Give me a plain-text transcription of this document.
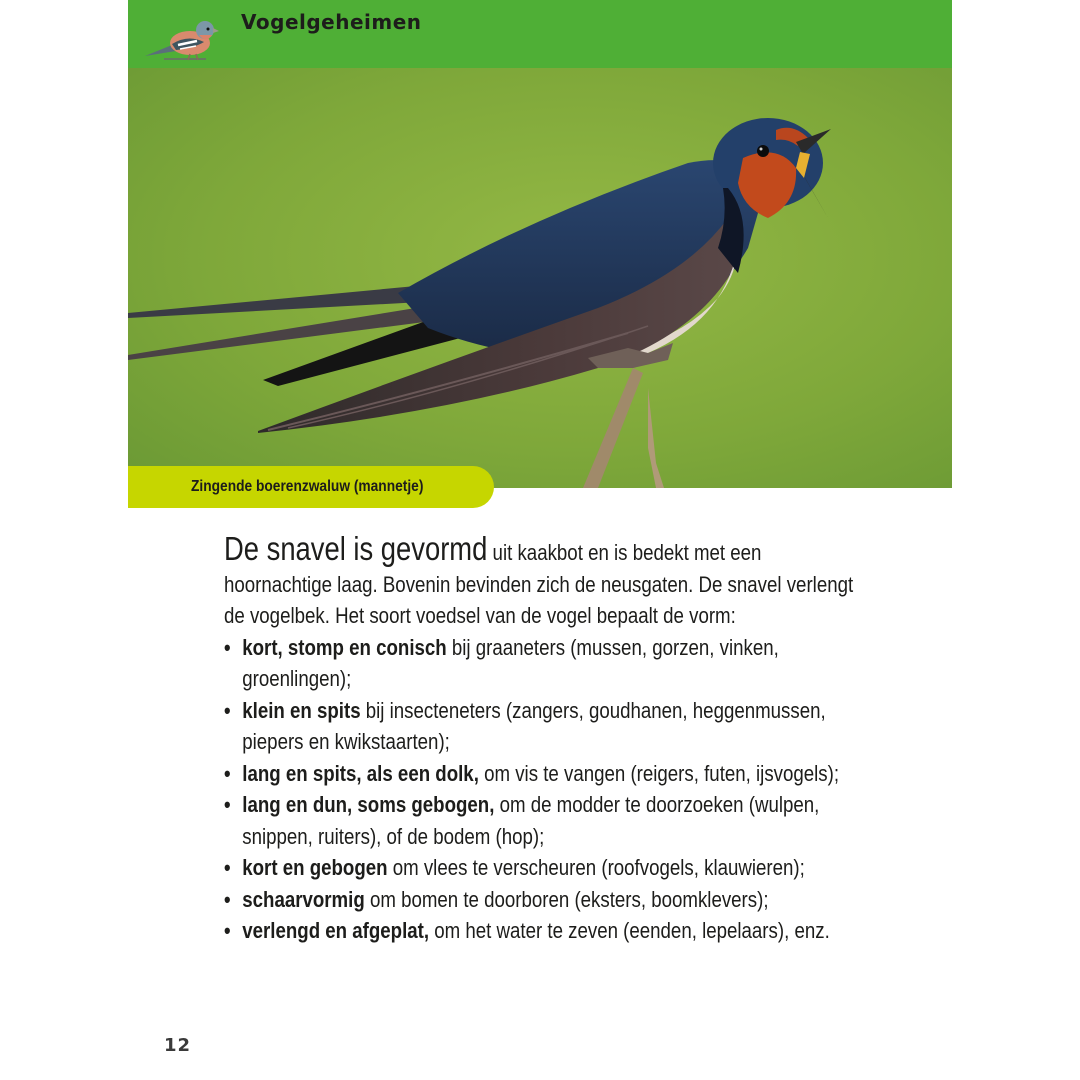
Vogelgeheimen
Zingende boerenzwaluw (mannetje)
De snavel is gevormd uit kaakbot en is bedekt met een hoornachtige laag. Bovenin bevinden zich de neusgaten. De snavel verlengt de vogelbek. Het soort voedsel van de vogel bepaalt de vorm:
• kort, stomp en conisch bij graaneters (mussen, gorzen, vinken, groenlingen);
• klein en spits bij insecteneters (zangers, goudhanen, heggenmussen, piepers en kwikstaarten);
• lang en spits, als een dolk, om vis te vangen (reigers, futen, ijsvogels);
• lang en dun, soms gebogen, om de modder te doorzoeken (wulpen, snippen, ruiters), of de bodem (hop);
• kort en gebogen om vlees te verscheuren (roofvogels, klauwieren);
• schaarvormig om bomen te doorboren (eksters, boomklevers);
• verlengd en afgeplat, om het water te zeven (eenden, lepelaars), enz.
12
